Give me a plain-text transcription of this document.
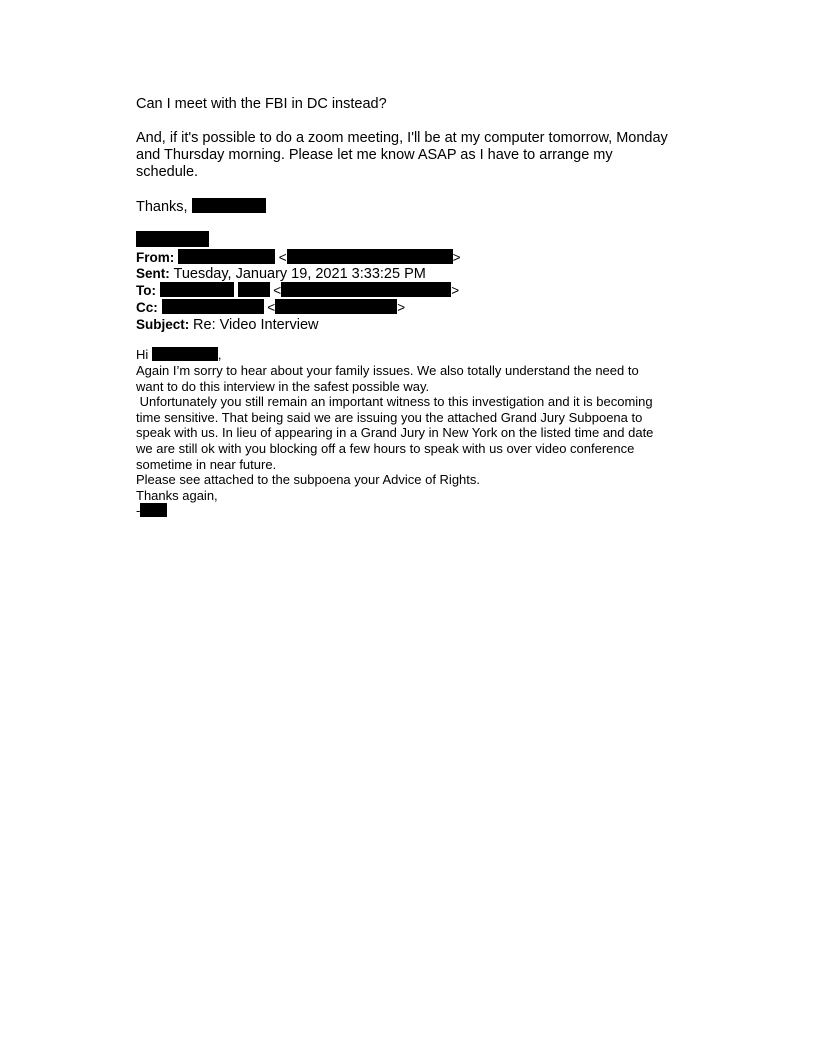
Can I meet with the FBI in DC instead?
And, if it's possible to do a zoom meeting, I'll be at my computer tomorrow, Monday
and Thursday morning. Please let me know ASAP as I have to arrange my
schedule.
Thanks,
From:	<	>
Sent: Tuesday, January 19, 2021 3:33:25 PM
To:	<	>
Cc:	<	>
Subject: Re: Video Interview
Hi	,
Again I’m sorry to hear about your family issues. We also totally understand the need to
want to do this interview in the safest possible way.
Unfortunately you still remain an important witness to this investigation and it is becoming
time sensitive. That being said we are issuing you the attached Grand Jury Subpoena to
speak with us. In lieu of appearing in a Grand Jury in New York on the listed time and date
we are still ok with you blocking off a few hours to speak with us over video conference
sometime in near future.
Please see attached to the subpoena your Advice of Rights.
Thanks again,
-
